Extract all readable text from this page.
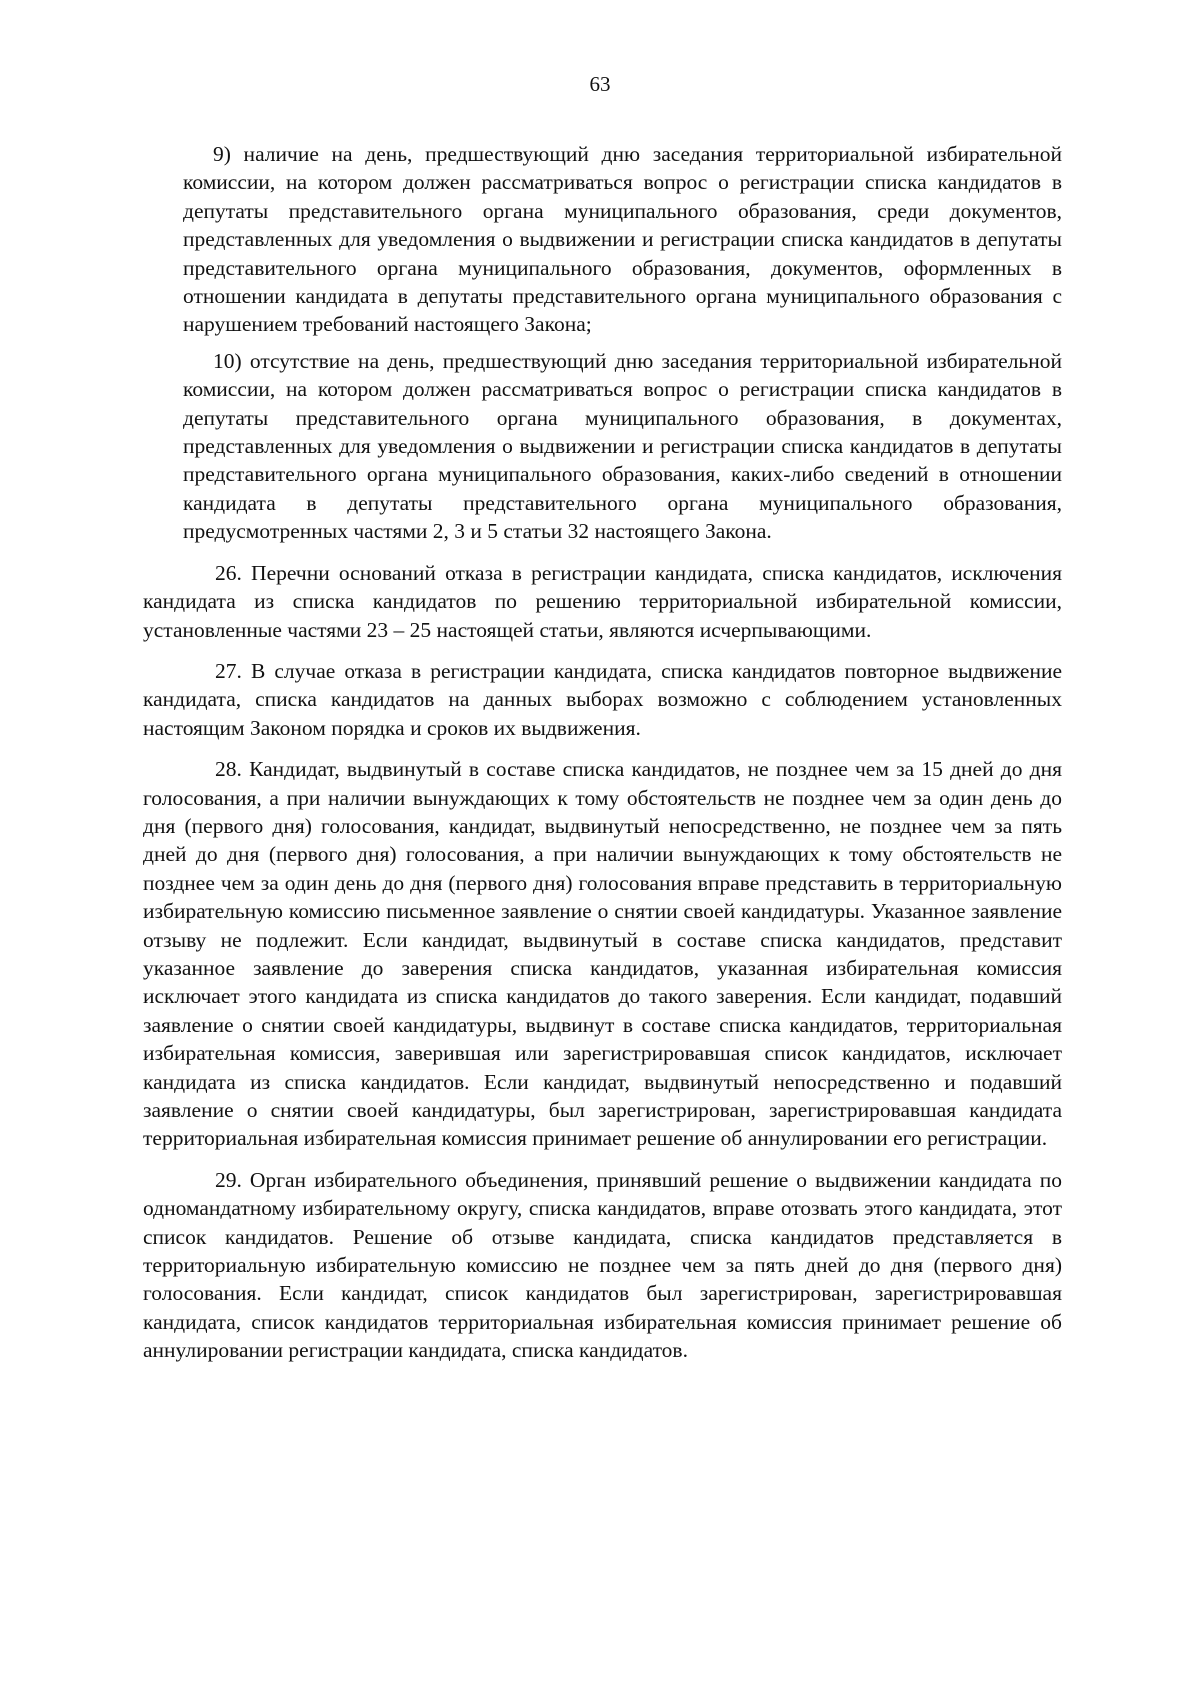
63

9) наличие на день, предшествующий дню заседания территориальной избирательной комиссии, на котором должен рассматриваться вопрос о регистрации списка кандидатов в депутаты представительного органа муниципального образования, среди документов, представленных для уведомления о выдвижении и регистрации списка кандидатов в депутаты представительного органа муниципального образования, документов, оформленных в отношении кандидата в депутаты представительного органа муниципального образования с нарушением требований настоящего Закона;

10) отсутствие на день, предшествующий дню заседания территориальной избирательной комиссии, на котором должен рассматриваться вопрос о регистрации списка кандидатов в депутаты представительного органа муниципального образования, в документах, представленных для уведомления о выдвижении и регистрации списка кандидатов в депутаты представительного органа муниципального образования, каких-либо сведений в отношении кандидата в депутаты представительного органа муниципального образования, предусмотренных частями 2, 3 и 5 статьи 32 настоящего Закона.

26. Перечни оснований отказа в регистрации кандидата, списка кандидатов, исключения кандидата из списка кандидатов по решению территориальной избирательной комиссии, установленные частями 23 – 25 настоящей статьи, являются исчерпывающими.

27. В случае отказа в регистрации кандидата, списка кандидатов повторное выдвижение кандидата, списка кандидатов на данных выборах возможно с соблюдением установленных настоящим Законом порядка и сроков их выдвижения.

28. Кандидат, выдвинутый в составе списка кандидатов, не позднее чем за 15 дней до дня голосования, а при наличии вынуждающих к тому обстоятельств не позднее чем за один день до дня (первого дня) голосования, кандидат, выдвинутый непосредственно, не позднее чем за пять дней до дня (первого дня) голосования, а при наличии вынуждающих к тому обстоятельств не позднее чем за один день до дня (первого дня) голосования вправе представить в территориальную избирательную комиссию письменное заявление о снятии своей кандидатуры. Указанное заявление отзыву не подлежит. Если кандидат, выдвинутый в составе списка кандидатов, представит указанное заявление до заверения списка кандидатов, указанная избирательная комиссия исключает этого кандидата из списка кандидатов до такого заверения. Если кандидат, подавший заявление о снятии своей кандидатуры, выдвинут в составе списка кандидатов, территориальная избирательная комиссия, заверившая или зарегистрировавшая список кандидатов, исключает кандидата из списка кандидатов. Если кандидат, выдвинутый непосредственно и подавший заявление о снятии своей кандидатуры, был зарегистрирован, зарегистрировавшая кандидата территориальная избирательная комиссия принимает решение об аннулировании его регистрации.

29. Орган избирательного объединения, принявший решение о выдвижении кандидата по одномандатному избирательному округу, списка кандидатов, вправе отозвать этого кандидата, этот список кандидатов. Решение об отзыве кандидата, списка кандидатов представляется в территориальную избирательную комиссию не позднее чем за пять дней до дня (первого дня) голосования. Если кандидат, список кандидатов был зарегистрирован, зарегистрировавшая кандидата, список кандидатов территориальная избирательная комиссия принимает решение об аннулировании регистрации кандидата, списка кандидатов.
